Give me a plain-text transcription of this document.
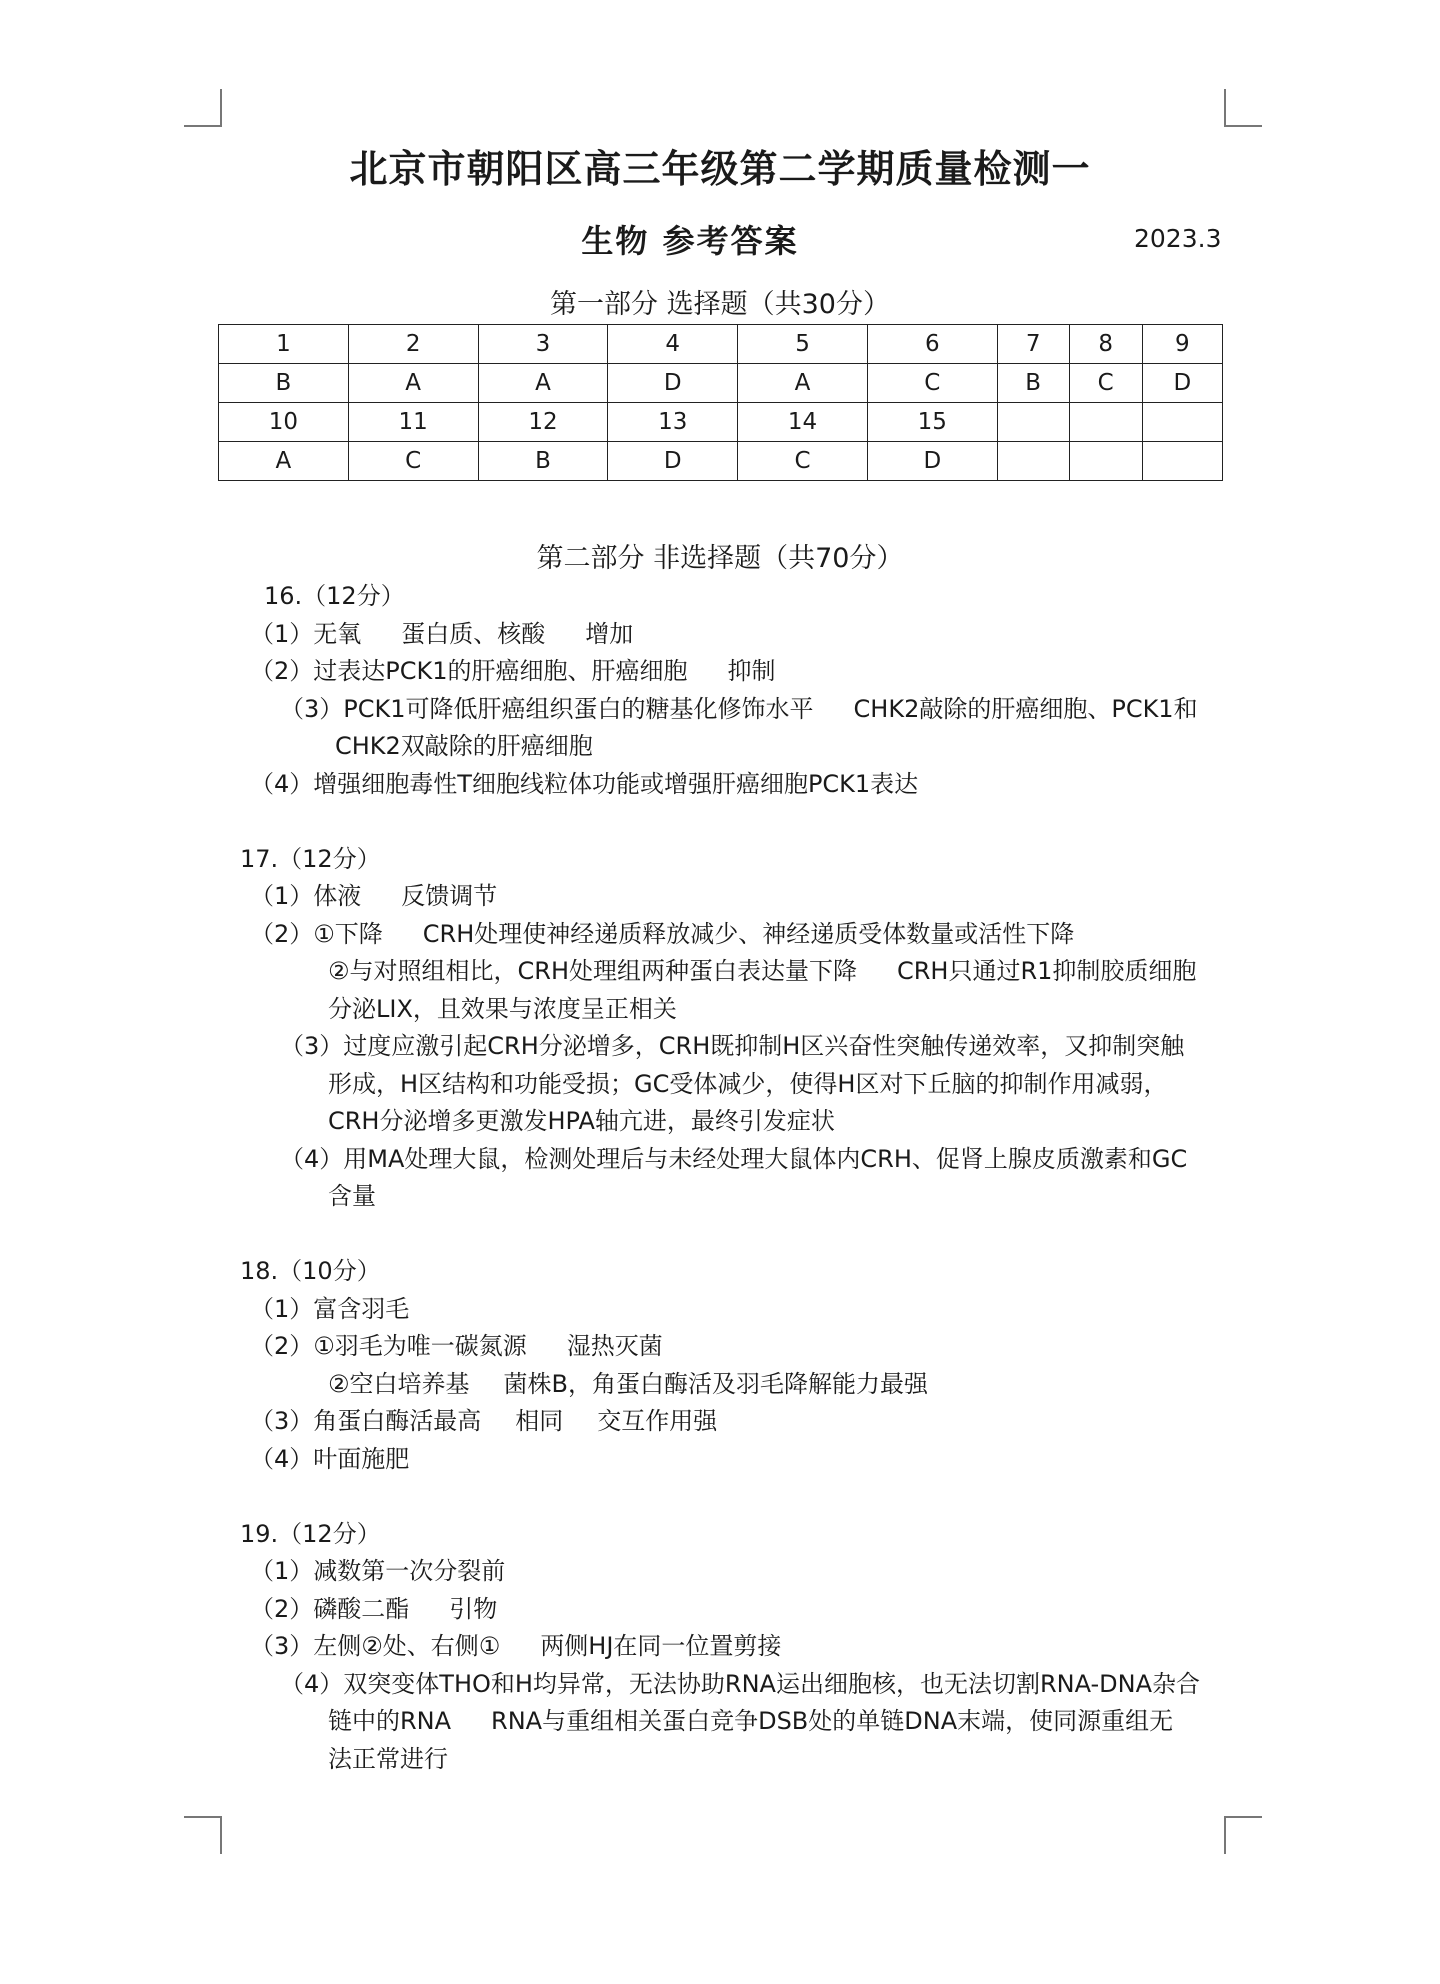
北京市朝阳区高三年级第二学期质量检测一
生物 参考答案	2023.3
第一部分 选择题（共30分）
1	2	3	4	5	6	7	8	9
B	A	A	D	A	C	B	C	D
10	11	12	13	14	15			
A	C	B	D	C	D			
第二部分 非选择题（共70分）
16.（12分）
（1）无氧 蛋白质、核酸 增加
（2）过表达PCK1的肝癌细胞、肝癌细胞 抑制
（3）PCK1可降低肝癌组织蛋白的糖基化修饰水平 CHK2敲除的肝癌细胞、PCK1和
CHK2双敲除的肝癌细胞
（4）增强细胞毒性T细胞线粒体功能或增强肝癌细胞PCK1表达
17.（12分）
（1）体液 反馈调节
（2）①下降 CRH处理使神经递质释放减少、神经递质受体数量或活性下降
②与对照组相比，CRH处理组两种蛋白表达量下降 CRH只通过R1抑制胶质细胞
分泌LIX，且效果与浓度呈正相关
（3）过度应激引起CRH分泌增多，CRH既抑制H区兴奋性突触传递效率，又抑制突触
形成，H区结构和功能受损；GC受体减少，使得H区对下丘脑的抑制作用减弱，
CRH分泌增多更激发HPA轴亢进，最终引发症状
（4）用MA处理大鼠，检测处理后与未经处理大鼠体内CRH、促肾上腺皮质激素和GC
含量
18.（10分）
（1）富含羽毛
（2）①羽毛为唯一碳氮源 湿热灭菌
②空白培养基 菌株B，角蛋白酶活及羽毛降解能力最强
（3）角蛋白酶活最高 相同 交互作用强
（4）叶面施肥
19.（12分）
（1）减数第一次分裂前
（2）磷酸二酯 引物
（3）左侧②处、右侧① 两侧HJ在同一位置剪接
（4）双突变体THO和H均异常，无法协助RNA运出细胞核，也无法切割RNA-DNA杂合
链中的RNA RNA与重组相关蛋白竞争DSB处的单链DNA末端，使同源重组无
法正常进行
